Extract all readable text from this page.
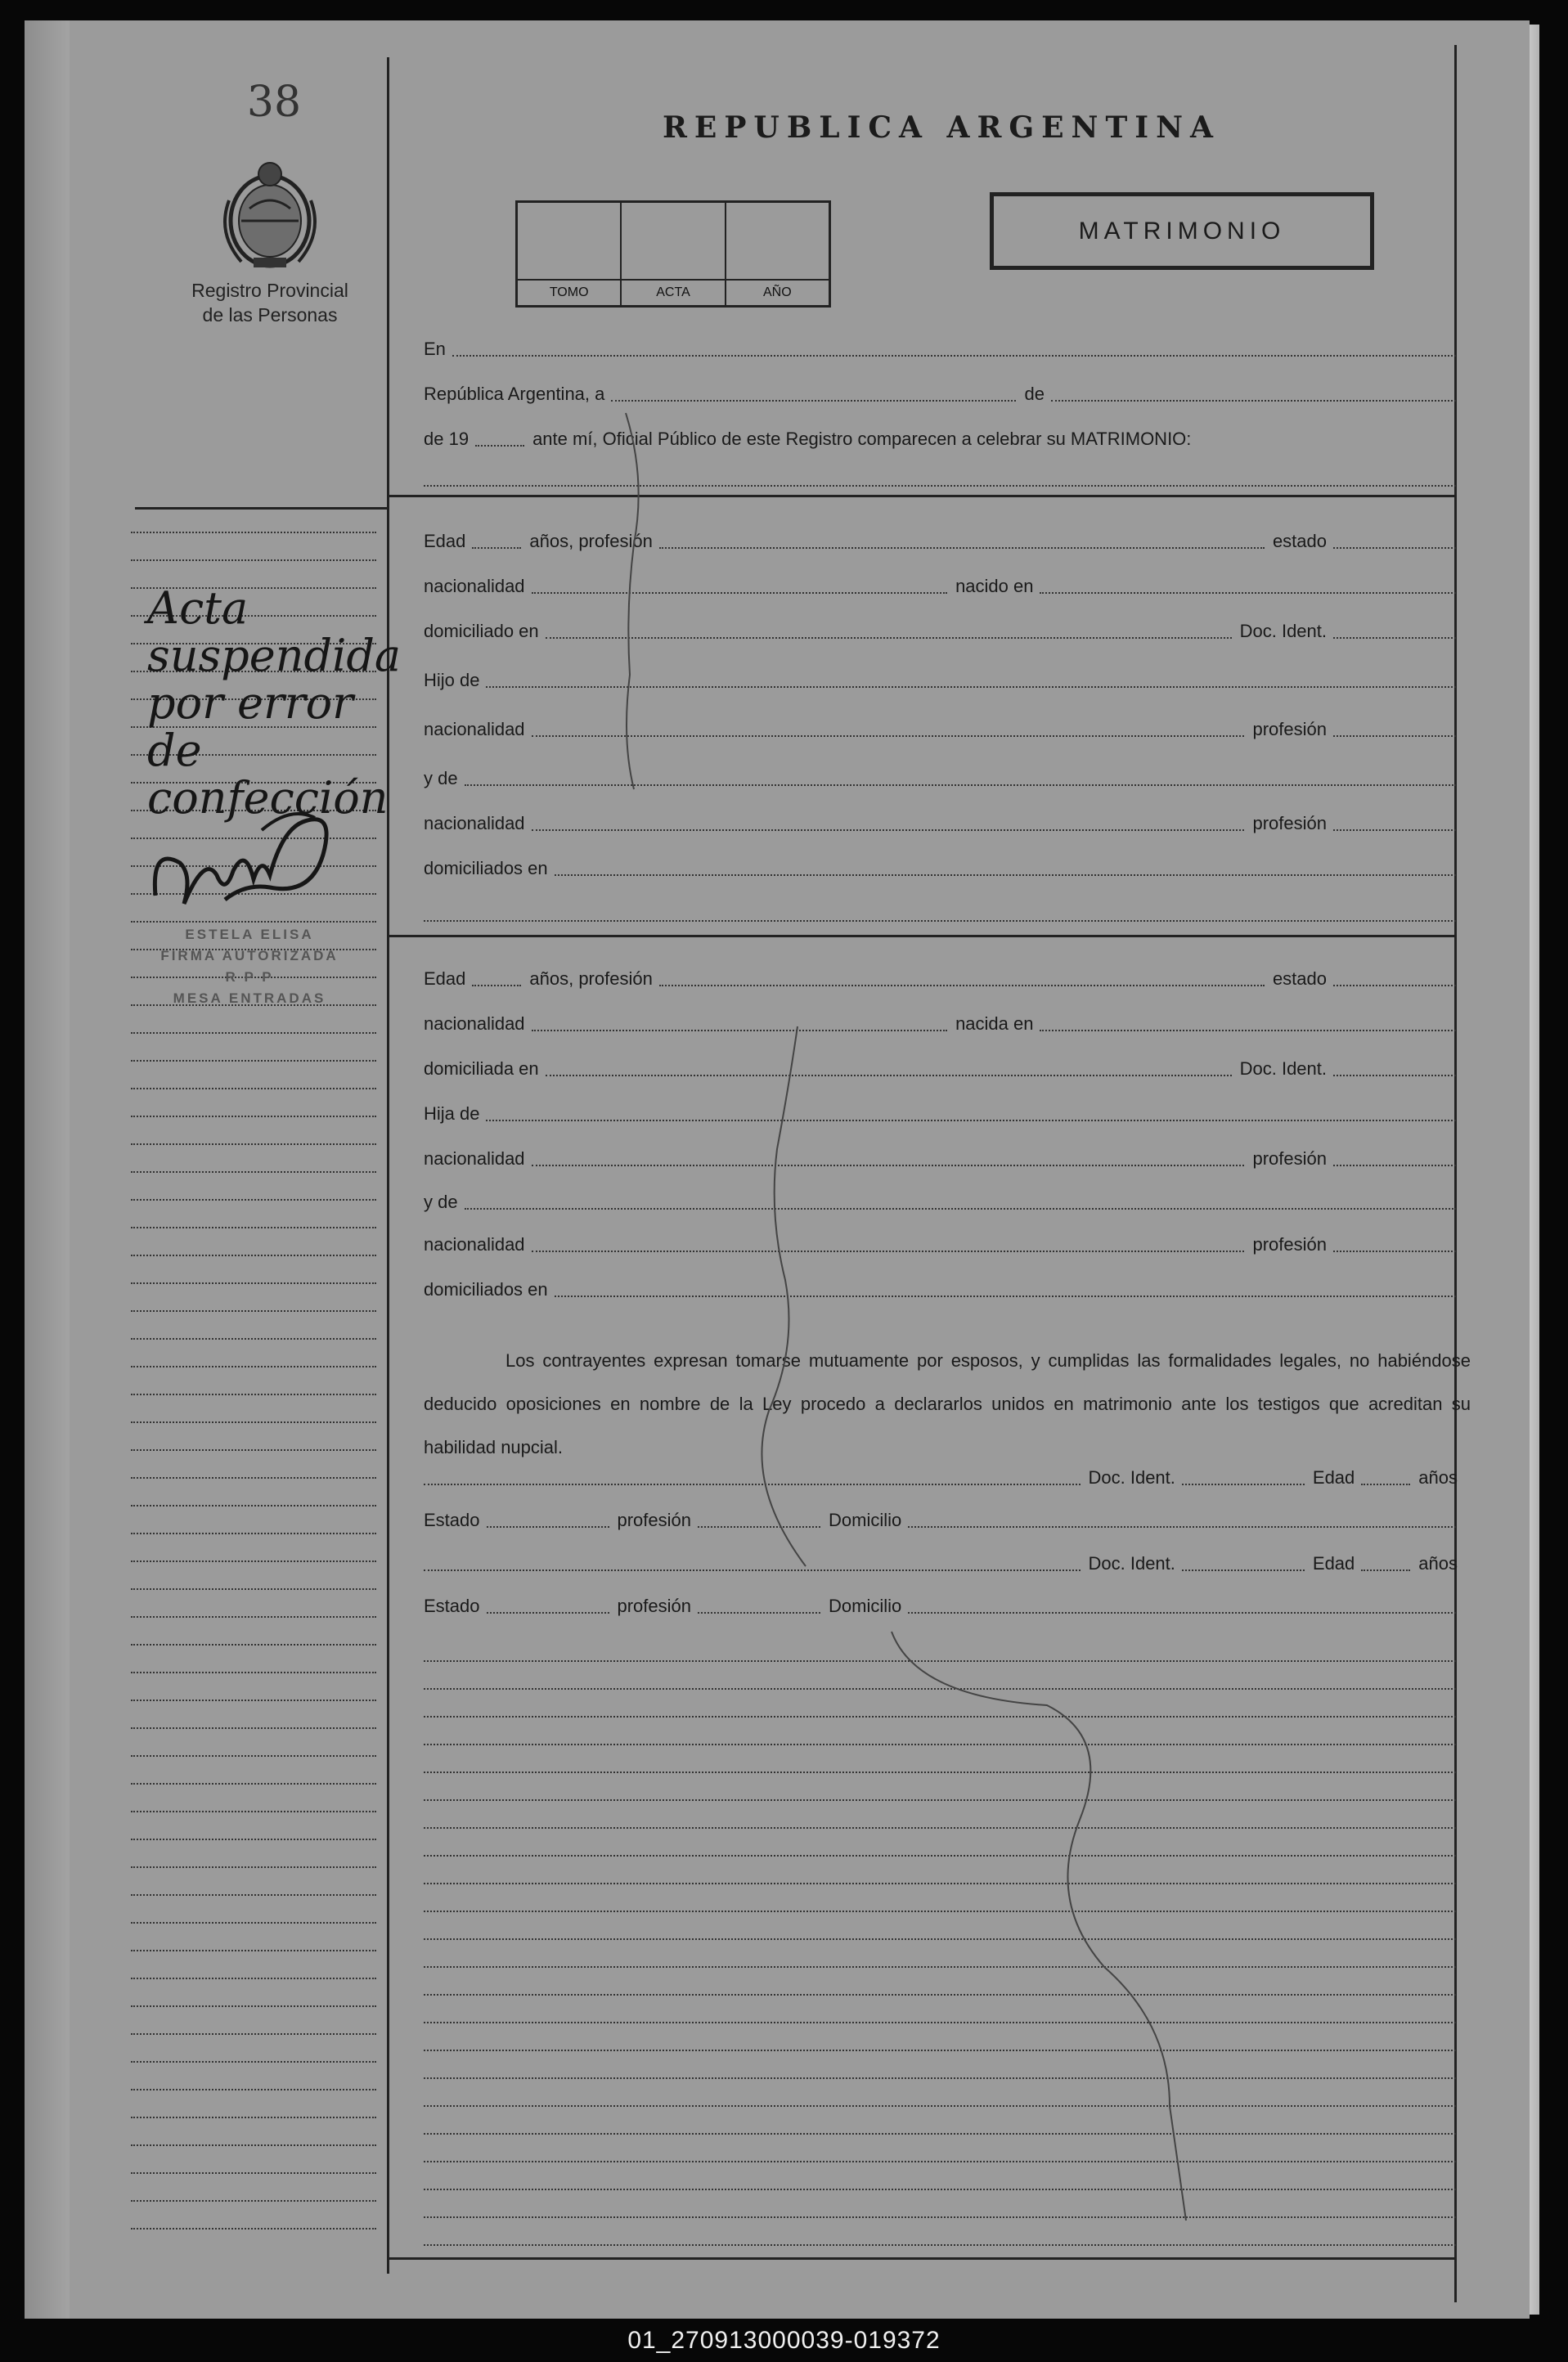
38
Registro Provincial
de las Personas
Acta
suspendida
por error de
confección
ESTELA ELISA
FIRMA AUTORIZADA
R P P
MESA ENTRADAS
REPUBLICA ARGENTINA
TOMO	ACTA	AÑO
MATRIMONIO
En
República Argentina, a	de
de 19	ante mí, Oficial Público de este Registro comparecen a celebrar su MATRIMONIO:
Edad	años, profesión	estado
nacionalidad	nacido en
domiciliado en	Doc. Ident.
Hijo de
nacionalidad	profesión
y de
nacionalidad	profesión
domiciliados en
Edad	años, profesión	estado
nacionalidad	nacida en
domiciliada en	Doc. Ident.
Hija de
nacionalidad	profesión
y de
nacionalidad	profesión
domiciliados en
Los contrayentes expresan tomarse mutuamente por esposos, y cumplidas las formalidades legales, no habiéndose deducido oposiciones en nombre de la Ley procedo a declararlos unidos en matrimonio ante los testigos que acreditan su habilidad nupcial.
Doc. Ident.	Edad	años
Estado	profesión	Domicilio
Doc. Ident.	Edad	años
Estado	profesión	Domicilio
01_270913000039-019372
